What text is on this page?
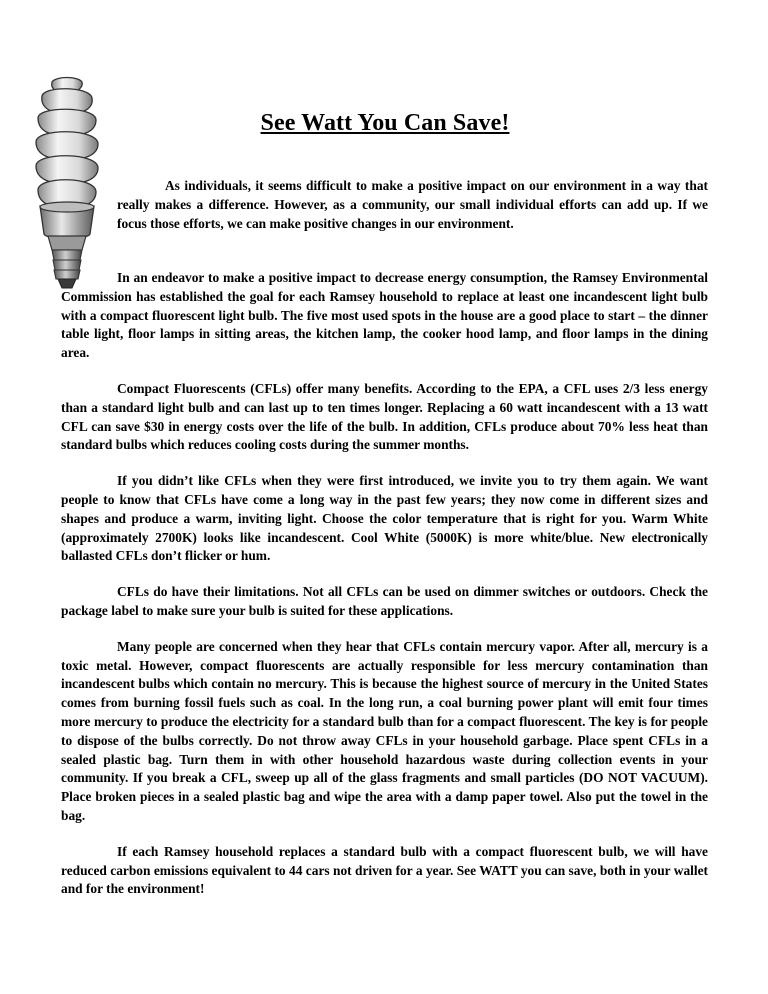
See Watt You Can Save!

As individuals, it seems difficult to make a positive impact on our environment in a way that really makes a difference. However, as a community, our small individual efforts can add up. If we focus those efforts, we can make positive changes in our environment.

In an endeavor to make a positive impact to decrease energy consumption, the Ramsey Environmental Commission has established the goal for each Ramsey household to replace at least one incandescent light bulb with a compact fluorescent light bulb. The five most used spots in the house are a good place to start – the dinner table light, floor lamps in sitting areas, the kitchen lamp, the cooker hood lamp, and floor lamps in the dining area.

Compact Fluorescents (CFLs) offer many benefits. According to the EPA, a CFL uses 2/3 less energy than a standard light bulb and can last up to ten times longer. Replacing a 60 watt incandescent with a 13 watt CFL can save $30 in energy costs over the life of the bulb. In addition, CFLs produce about 70% less heat than standard bulbs which reduces cooling costs during the summer months.

If you didn’t like CFLs when they were first introduced, we invite you to try them again. We want people to know that CFLs have come a long way in the past few years; they now come in different sizes and shapes and produce a warm, inviting light. Choose the color temperature that is right for you. Warm White (approximately 2700K) looks like incandescent. Cool White (5000K) is more white/blue. New electronically ballasted CFLs don’t flicker or hum.

CFLs do have their limitations. Not all CFLs can be used on dimmer switches or outdoors. Check the package label to make sure your bulb is suited for these applications.

Many people are concerned when they hear that CFLs contain mercury vapor. After all, mercury is a toxic metal. However, compact fluorescents are actually responsible for less mercury contamination than incandescent bulbs which contain no mercury. This is because the highest source of mercury in the United States comes from burning fossil fuels such as coal. In the long run, a coal burning power plant will emit four times more mercury to produce the electricity for a standard bulb than for a compact fluorescent. The key is for people to dispose of the bulbs correctly. Do not throw away CFLs in your household garbage. Place spent CFLs in a sealed plastic bag. Turn them in with other household hazardous waste during collection events in your community. If you break a CFL, sweep up all of the glass fragments and small particles (DO NOT VACUUM). Place broken pieces in a sealed plastic bag and wipe the area with a damp paper towel. Also put the towel in the bag.

If each Ramsey household replaces a standard bulb with a compact fluorescent bulb, we will have reduced carbon emissions equivalent to 44 cars not driven for a year. See WATT you can save, both in your wallet and for the environment!
